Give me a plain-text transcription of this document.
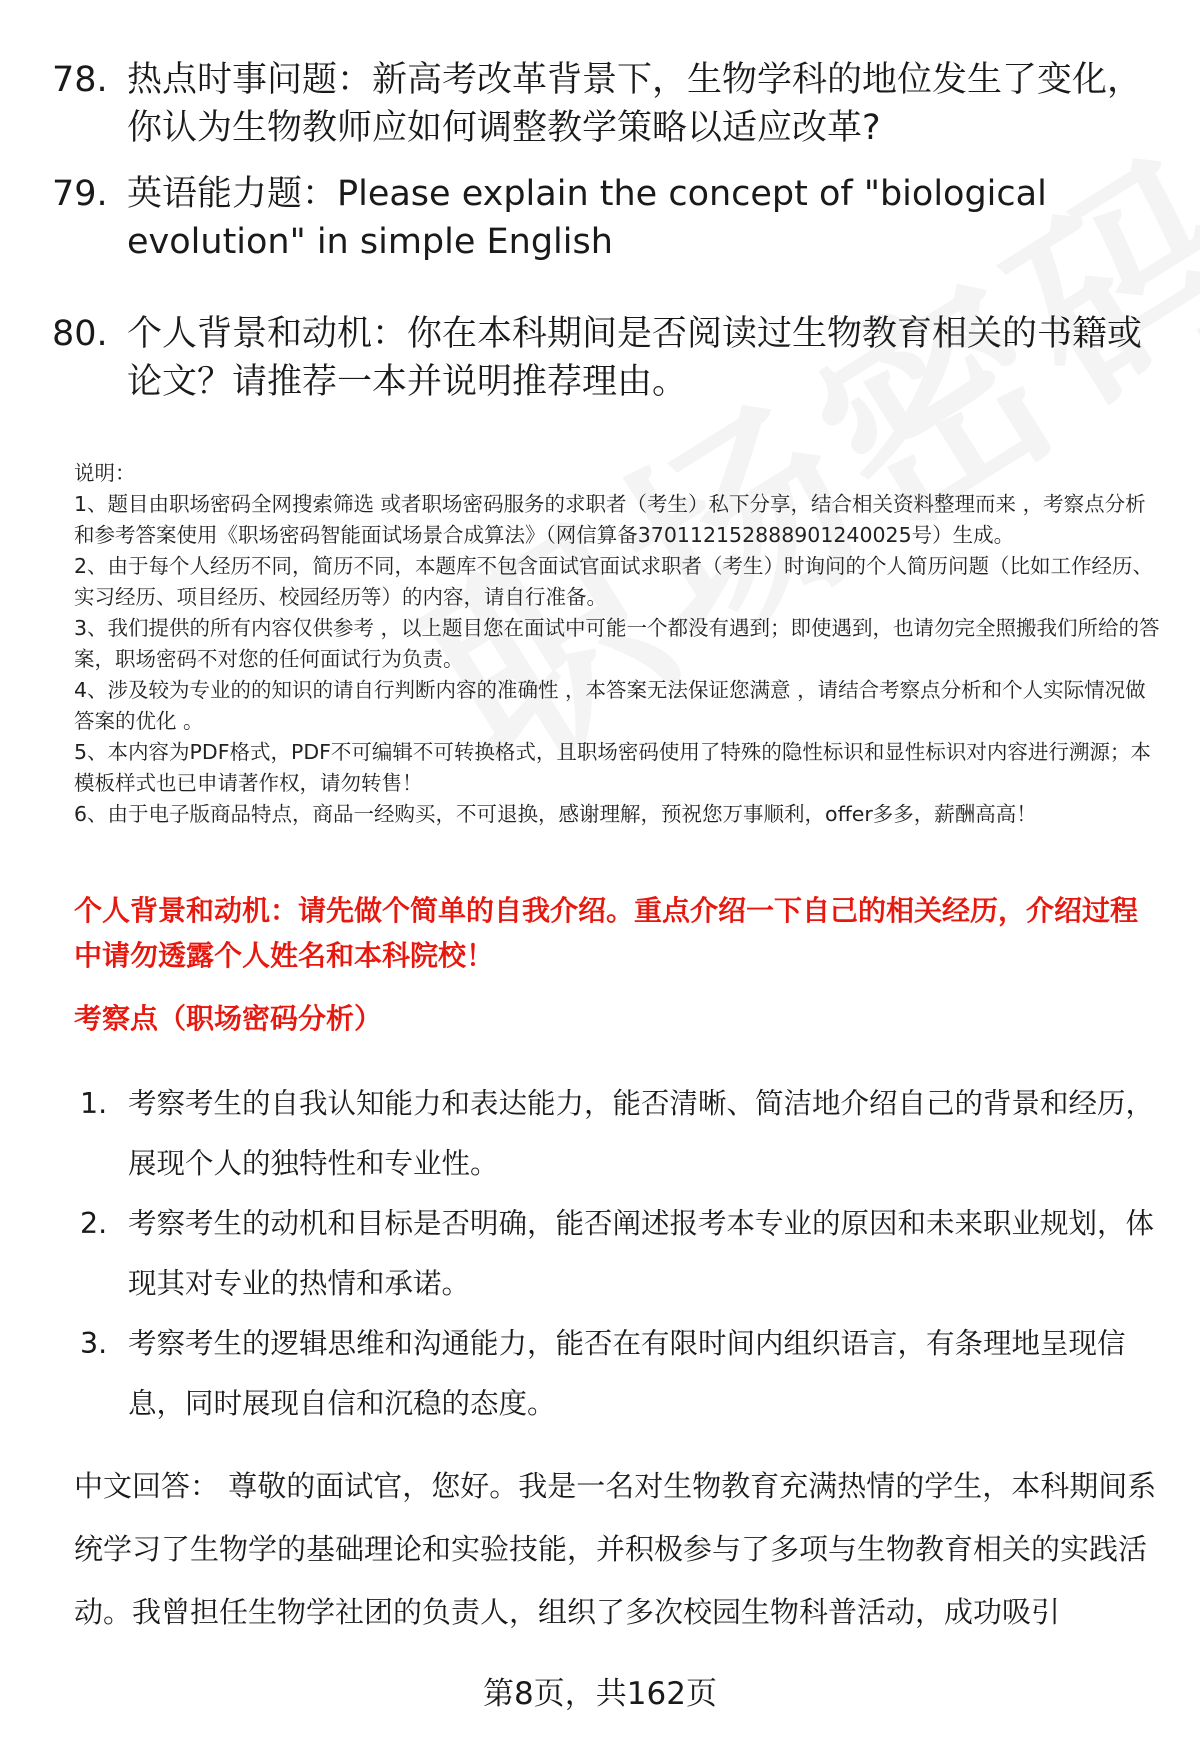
78. 热点时事问题：新高考改革背景下，生物学科的地位发生了变化，你认为生物教师应如何调整教学策略以适应改革?
79. 英语能力题：Please explain the concept of "biological evolution" in simple English
80. 个人背景和动机：你在本科期间是否阅读过生物教育相关的书籍或论文？请推荐一本并说明推荐理由。
说明：
1、题目由职场密码全网搜索筛选 或者职场密码服务的求职者（考生）私下分享，结合相关资料整理而来 ，考察点分析和参考答案使用《职场密码智能面试场景合成算法》（网信算备370112152888901240025号）生成。
2、由于每个人经历不同，简历不同，本题库不包含面试官面试求职者（考生）时询问的个人简历问题（比如工作经历、实习经历、项目经历、校园经历等）的内容，请自行准备。
3、我们提供的所有内容仅供参考 ，以上题目您在面试中可能一个都没有遇到；即使遇到，也请勿完全照搬我们所给的答案，职场密码不对您的任何面试行为负责。
4、涉及较为专业的的知识的请自行判断内容的准确性 ，本答案无法保证您满意 ，请结合考察点分析和个人实际情况做答案的优化 。
5、本内容为PDF格式，PDF不可编辑不可转换格式，且职场密码使用了特殊的隐性标识和显性标识对内容进行溯源；本模板样式也已申请著作权，请勿转售！
6、由于电子版商品特点，商品一经购买，不可退换，感谢理解，预祝您万事顺利，offer多多，薪酬高高！
个人背景和动机：请先做个简单的自我介绍。重点介绍一下自己的相关经历，介绍过程中请勿透露个人姓名和本科院校！
考察点（职场密码分析）
1. 考察考生的自我认知能力和表达能力，能否清晰、简洁地介绍自己的背景和经历，展现个人的独特性和专业性。
2. 考察考生的动机和目标是否明确，能否阐述报考本专业的原因和未来职业规划，体现其对专业的热情和承诺。
3. 考察考生的逻辑思维和沟通能力，能否在有限时间内组织语言，有条理地呈现信息，同时展现自信和沉稳的态度。
中文回答： 尊敬的面试官，您好。我是一名对生物教育充满热情的学生，本科期间系统学习了生物学的基础理论和实验技能，并积极参与了多项与生物教育相关的实践活动。我曾担任生物学社团的负责人，组织了多次校园生物科普活动，成功吸引
第8页，共162页
